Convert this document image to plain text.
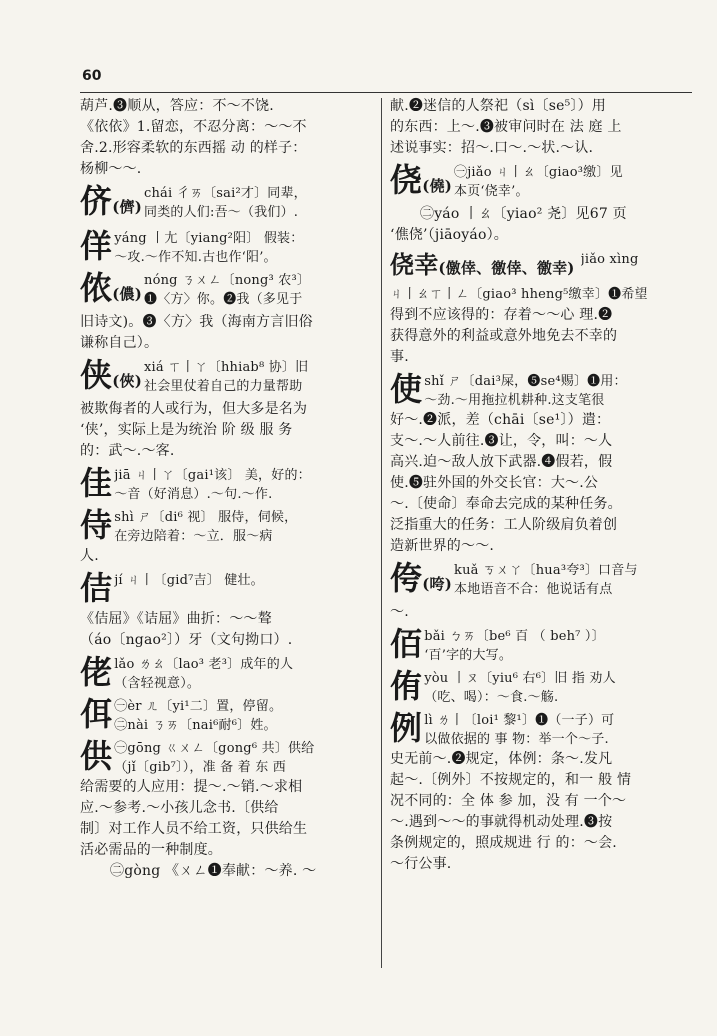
60
葫芦.❸顺从，答应：不～不饶.
《依依》1.留恋，不忍分离：～～不
舍.2.形容柔软的东西摇 动 的样子：
杨柳～～.
侪(儕)
chái 彳ㄞ〔sai²才〕同辈，
同类的人们:吾～（我们）.
佯 yáng 丨尢〔yiang²阳〕 假装：
～攻.～作不知.古也作‘阳’。
侬(儂)
nóng ㄋㄨㄥ〔nong³ 农³〕
❶〈方〉你。❷我（多见于
旧诗文)。❸〈方〉我（海南方言旧俗
谦称自己）。
侠(俠)
xiá ㄒ丨ㄚ〔hhiab⁸ 协〕旧
社会里仗着自己的力量帮助
被欺侮者的人或行为，但大多是名为
‘侠’，实际上是为统治 阶 级 服 务
的：武～.～客.
佳 jiā ㄐ丨ㄚ〔gai¹该〕 美，好的：
～音（好消息）.～句.～作.
侍 shì ㄕ〔di⁶ 视〕 服侍，伺候，
在旁边陪着：～立．服～病
人.
佶 jí ㄐ丨〔gid⁷吉〕 健壮。

《佶屈》《诘屈》曲折：～～聱
（áo〔ngao²〕）牙（文句拗口）.
佬 lǎo ㄌㄠ〔lao³ 老³〕成年的人
（含轻视意）。
佴 ㊀èr ㄦ〔yi¹二〕置，停留。
㊁nài ㄋㄞ〔nai⁶耐⁶〕姓。
供 ㊀gōng ㄍㄨㄥ〔gong⁶ 共〕供给
（jǐ〔gib⁷〕），准 备 着 东 西
给需要的人应用：提～.～销.～求相
应.～参考.～小孩儿念书.〔供给
制〕对工作人员不给工资，只供给生
活必需品的一种制度。
㊁gòng 《ㄨㄥ❶奉献：～养. ～
献.❷迷信的人祭祀（sì〔se⁵〕）用
的东西：上～.❸被审问时在 法 庭 上
述说事实：招～.口～.～状.～认.
侥(僥)
㊀jiǎo ㄐ丨ㄠ〔giao³缴〕见
本页‘侥幸’。
㊁yáo 丨ㄠ〔yiao² 尧〕见67 页
‘僬侥’（jiāoyáo）。
侥幸(儌倖、徼倖、徼幸) jiǎo xìng
ㄐ丨ㄠㄒ丨ㄥ〔giao³ hheng⁵缴幸〕❶希望
得到不应该得的：存着～～心 理.❷
获得意外的利益或意外地免去不幸的
事.
使 shǐ ㄕ〔dai³屎，❺se⁴赐〕❶用：
～劲.～用拖拉机耕种.这支笔很
好～.❷派，差（chāi〔se¹〕）遣：
支～.～人前往.❸让，令，叫：～人
高兴.迫～敌人放下武器.❹假若，假
使.❺驻外国的外交长官：大～.公
～.〔使命〕奉命去完成的某种任务。
泛指重大的任务：工人阶级肩负着创
造新世界的～～.
侉(咵)
kuǎ ㄎㄨㄚ〔hua³夸³〕口音与
本地语音不合：他说话有点
～.
佰 bǎi ㄅㄞ〔be⁶ 百 （ beh⁷ ）〕
‘百’字的大写。
侑 yòu 丨ㄡ〔yiu⁶ 右⁶〕旧 指 劝人
（吃、喝）：～食.～觞.
例 lì ㄌ丨〔loi¹ 黎¹〕❶（一子）可
以做依据的 事 物：举一个～子.
史无前～.❷规定，体例：条～.发凡
起～.〔例外〕不按规定的，和一 般 情
况不同的：全 体 参 加，没 有 一个～
～.遇到～～的事就得机动处理.❸按
条例规定的，照成规进 行 的：～会.
～行公事.
